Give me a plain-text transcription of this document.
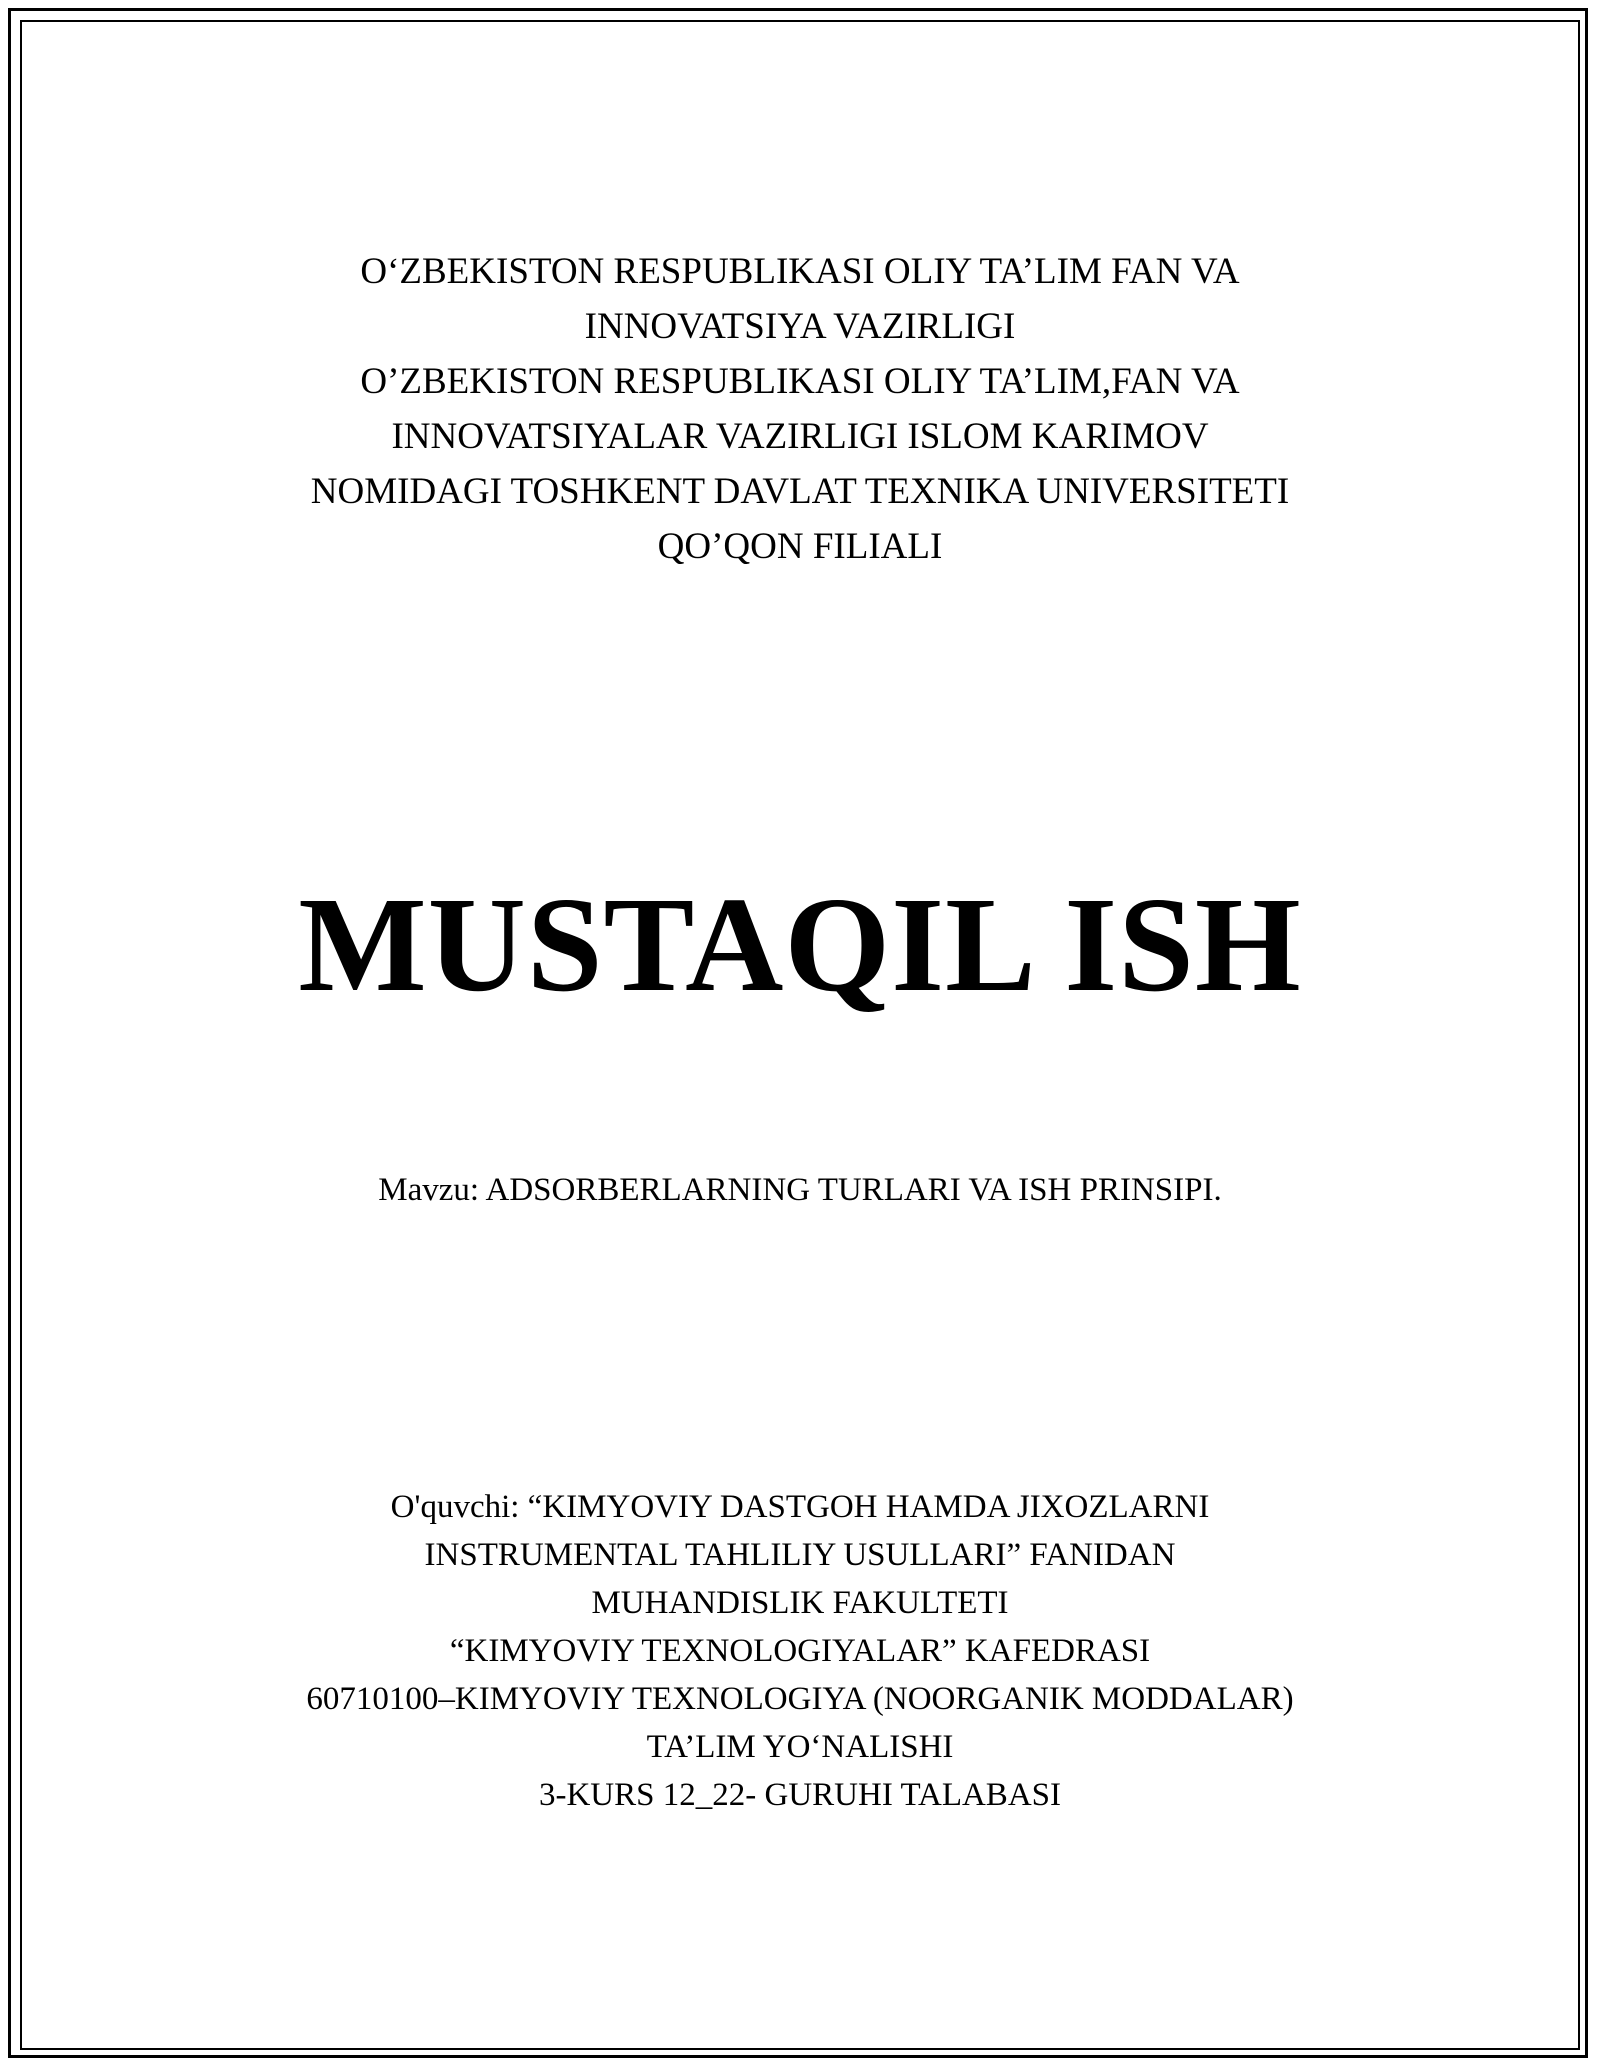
O‘ZBEKISTON RESPUBLIKASI OLIY TA’LIM FAN VA
INNOVATSIYA VAZIRLIGI
O’ZBEKISTON RESPUBLIKASI OLIY TA’LIM,FAN VA
INNOVATSIYALAR VAZIRLIGI ISLOM KARIMOV
NOMIDAGI TOSHKENT DAVLAT TEXNIKA UNIVERSITETI
QO’QON FILIALI
MUSTAQIL ISH
Mavzu: ADSORBERLARNING TURLARI VA ISH PRINSIPI.
O'quvchi: “KIMYOVIY DASTGOH HAMDA JIXOZLARNI
INSTRUMENTAL TAHLILIY USULLARI” FANIDAN
MUHANDISLIK FAKULTETI
“KIMYOVIY TEXNOLOGIYALAR” KAFEDRASI
60710100–KIMYOVIY TEXNOLOGIYA (NOORGANIK MODDALAR)
TA’LIM YO‘NALISHI
3-KURS 12_22- GURUHI TALABASI
